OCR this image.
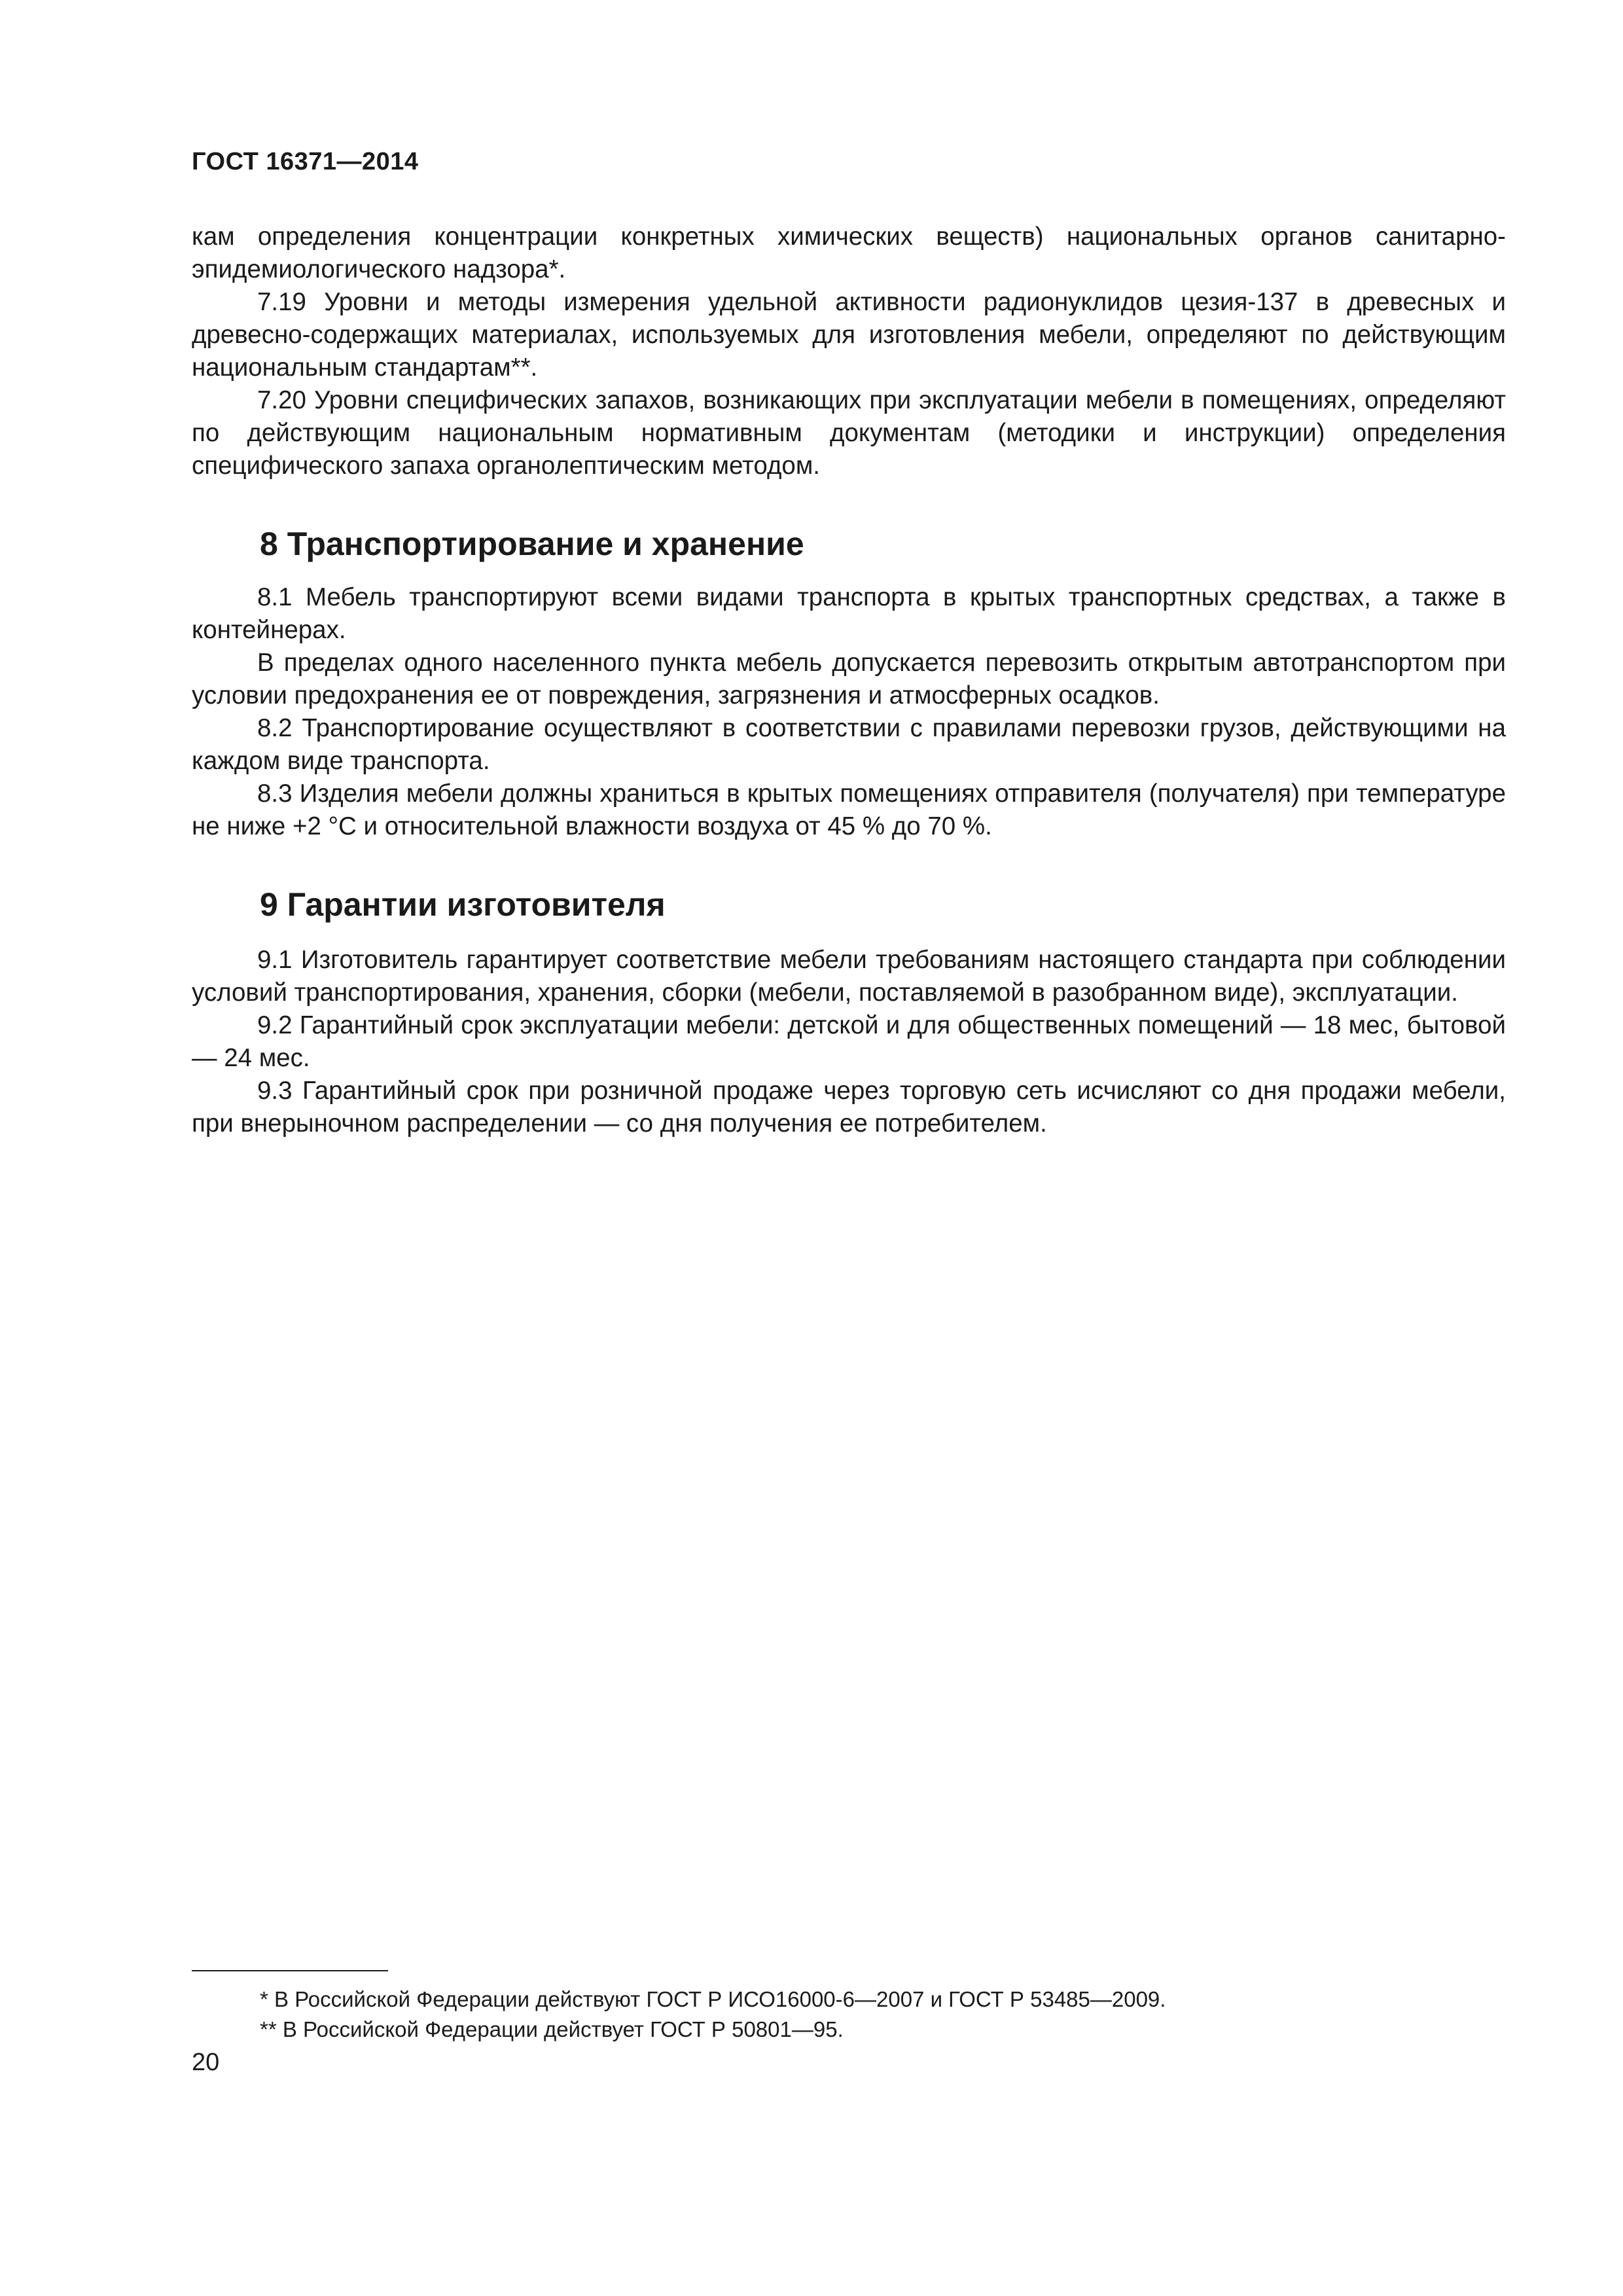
ГОСТ 16371—2014

кам определения концентрации конкретных химических веществ) национальных органов санитарно-эпидемиологического надзора*.

7.19 Уровни и методы измерения удельной активности радионуклидов цезия-137 в древесных и древесно-содержащих материалах, используемых для изготовления мебели, определяют по действующим национальным стандартам**.

7.20 Уровни специфических запахов, возникающих при эксплуатации мебели в помещениях, определяют по действующим национальным нормативным документам (методики и инструкции) определения специфического запаха органолептическим методом.

8 Транспортирование и хранение

8.1 Мебель транспортируют всеми видами транспорта в крытых транспортных средствах, а также в контейнерах.

В пределах одного населенного пункта мебель допускается перевозить открытым автотранспортом при условии предохранения ее от повреждения, загрязнения и атмосферных осадков.

8.2 Транспортирование осуществляют в соответствии с правилами перевозки грузов, действующими на каждом виде транспорта.

8.3 Изделия мебели должны храниться в крытых помещениях отправителя (получателя) при температуре не ниже +2 °С и относительной влажности воздуха от 45 % до 70 %.

9 Гарантии изготовителя

9.1 Изготовитель гарантирует соответствие мебели требованиям настоящего стандарта при соблюдении условий транспортирования, хранения, сборки (мебели, поставляемой в разобранном виде), эксплуатации.

9.2 Гарантийный срок эксплуатации мебели: детской и для общественных помещений — 18 мес, бытовой — 24 мес.

9.3 Гарантийный срок при розничной продаже через торговую сеть исчисляют со дня продажи мебели, при внерыночном распределении — со дня получения ее потребителем.

* В Российской Федерации действуют ГОСТ Р ИСО16000-6—2007 и ГОСТ Р 53485—2009.
** В Российской Федерации действует ГОСТ Р 50801—95.
20
